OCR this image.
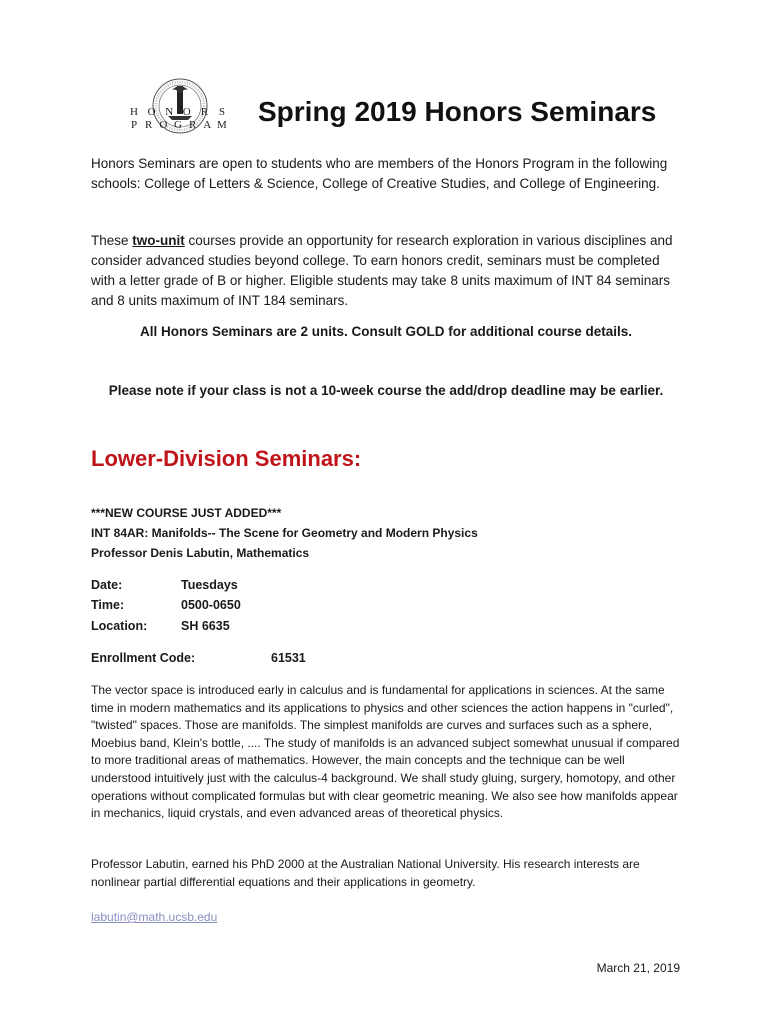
H O N O R S
P R O G R A M Spring 2019 Honors Seminars

Honors Seminars are open to students who are members of the Honors Program in the following schools: College of Letters & Science, College of Creative Studies, and College of Engineering.

These two-unit courses provide an opportunity for research exploration in various disciplines and consider advanced studies beyond college. To earn honors credit, seminars must be completed with a letter grade of B or higher. Eligible students may take 8 units maximum of INT 84 seminars and 8 units maximum of INT 184 seminars.

All Honors Seminars are 2 units. Consult GOLD for additional course details.

Please note if your class is not a 10-week course the add/drop deadline may be earlier.

Lower-Division Seminars:

***NEW COURSE JUST ADDED***

INT 84AR: Manifolds-- The Scene for Geometry and Modern Physics

Professor Denis Labutin, Mathematics

Date:	Tuesdays
Time:	0500-0650
Location:	SH 6635
Enrollment Code:	61531

The vector space is introduced early in calculus and is fundamental for applications in sciences. At the same time in modern mathematics and its applications to physics and other sciences the action happens in "curled", "twisted" spaces. Those are manifolds. The simplest manifolds are curves and surfaces such as a sphere, Moebius band, Klein's bottle, .... The study of manifolds is an advanced subject somewhat unusual if compared to more traditional areas of mathematics. However, the main concepts and the technique can be well understood intuitively just with the calculus-4 background. We shall study gluing, surgery, homotopy, and other operations without complicated formulas but with clear geometric meaning. We also see how manifolds appear in mechanics, liquid crystals, and even advanced areas of theoretical physics.

Professor Labutin, earned his PhD 2000 at the Australian National University. His research interests are nonlinear partial differential equations and their applications in geometry.

labutin@math.ucsb.edu
March 21, 2019
